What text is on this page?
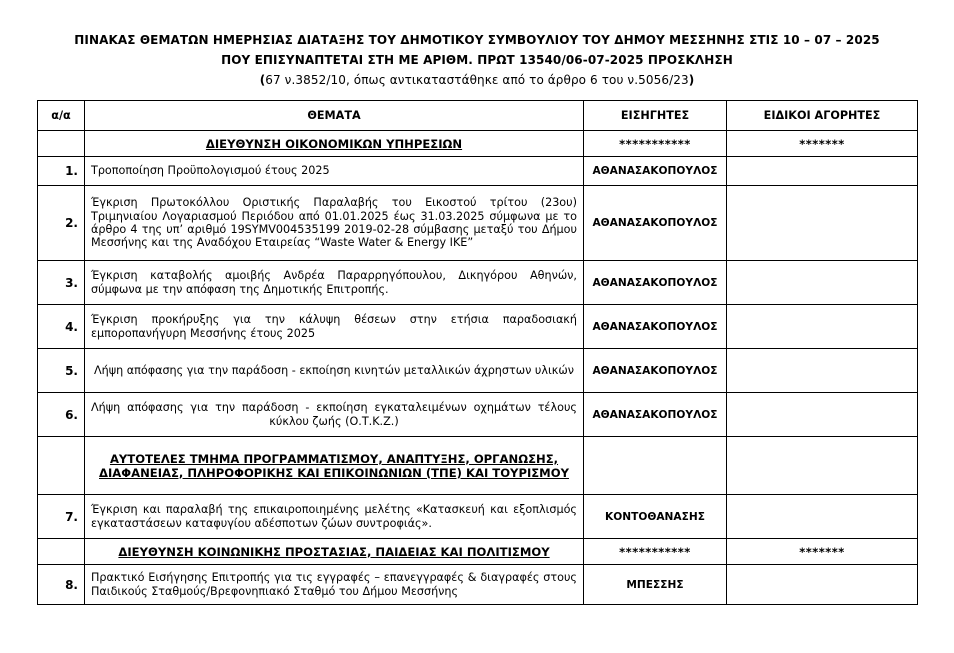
ΠΙΝΑΚΑΣ ΘΕΜΑΤΩΝ ΗΜΕΡΗΣΙΑΣ ΔΙΑΤΑΞΗΣ ΤΟΥ ΔΗΜΟΤΙΚΟΥ ΣΥΜΒΟΥΛΙΟΥ ΤΟΥ ΔΗΜΟΥ ΜΕΣΣΗΝΗΣ ΣΤΙΣ 10 – 07 – 2025
ΠΟΥ ΕΠΙΣΥΝΑΠΤΕΤΑΙ ΣΤΗ ΜΕ ΑΡΙΘΜ. ΠΡΩΤ 13540/06-07-2025 ΠΡΟΣΚΛΗΣΗ
(67 ν.3852/10, όπως αντικαταστάθηκε από το άρθρο 6 του ν.5056/23)
α/α	ΘΕΜΑΤΑ	ΕΙΣΗΓΗΤΕΣ	ΕΙΔΙΚΟΙ ΑΓΟΡΗΤΕΣ
	ΔΙΕΥΘΥΝΣΗ ΟΙΚΟΝΟΜΙΚΩΝ ΥΠΗΡΕΣΙΩΝ	***********	*******
1.	Τροποποίηση Προϋπολογισμού έτους 2025	ΑΘΑΝΑΣΑΚΟΠΟΥΛΟΣ	
2.	Έγκριση Πρωτοκόλλου Οριστικής Παραλαβής του Εικοστού τρίτου (23ου) Τριμηνιαίου Λογαριασμού Περιόδου από 01.01.2025 έως 31.03.2025 σύμφωνα με το άρθρο 4 της υπ’ αριθμό 19SYMV004535199 2019-02-28 σύμβασης μεταξύ του Δήμου Μεσσήνης και της Αναδόχου Εταιρείας “Waste Water & Energy IKE”	ΑΘΑΝΑΣΑΚΟΠΟΥΛΟΣ	
3.	Έγκριση καταβολής αμοιβής Ανδρέα Παραρρηγόπουλου, Δικηγόρου Αθηνών, σύμφωνα με την απόφαση της Δημοτικής Επιτροπής.	ΑΘΑΝΑΣΑΚΟΠΟΥΛΟΣ	
4.	Έγκριση προκήρυξης για την κάλυψη θέσεων στην ετήσια παραδοσιακή εμποροπανήγυρη Μεσσήνης έτους 2025	ΑΘΑΝΑΣΑΚΟΠΟΥΛΟΣ	
5.	Λήψη απόφασης για την παράδοση - εκποίηση κινητών μεταλλικών άχρηστων υλικών	ΑΘΑΝΑΣΑΚΟΠΟΥΛΟΣ	
6.	Λήψη απόφασης για την παράδοση - εκποίηση εγκαταλειμένων οχημάτων τέλους κύκλου ζωής (Ο.Τ.Κ.Ζ.)	ΑΘΑΝΑΣΑΚΟΠΟΥΛΟΣ	
	ΑΥΤΟΤΕΛΕΣ ΤΜΗΜΑ ΠΡΟΓΡΑΜΜΑΤΙΣΜΟΥ, ΑΝΑΠΤΥΞΗΣ, ΟΡΓΑΝΩΣΗΣ, ΔΙΑΦΑΝΕΙΑΣ, ΠΛΗΡΟΦΟΡΙΚΗΣ ΚΑΙ ΕΠΙΚΟΙΝΩΝΙΩΝ (ΤΠΕ) ΚΑΙ ΤΟΥΡΙΣΜΟΥ		
7.	Έγκριση και παραλαβή της επικαιροποιημένης μελέτης «Κατασκευή και εξοπλισμός εγκαταστάσεων καταφυγίου αδέσποτων ζώων συντροφιάς».	ΚΟΝΤΟΘΑΝΑΣΗΣ	
	ΔΙΕΥΘΥΝΣΗ ΚΟΙΝΩΝΙΚΗΣ ΠΡΟΣΤΑΣΙΑΣ, ΠΑΙΔΕΙΑΣ ΚΑΙ ΠΟΛΙΤΙΣΜΟΥ	***********	*******
8.	Πρακτικό Εισήγησης Επιτροπής για τις εγγραφές – επανεγγραφές & διαγραφές στους Παιδικούς Σταθμούς/Βρεφονηπιακό Σταθμό του Δήμου Μεσσήνης	ΜΠΕΣΣΗΣ	
